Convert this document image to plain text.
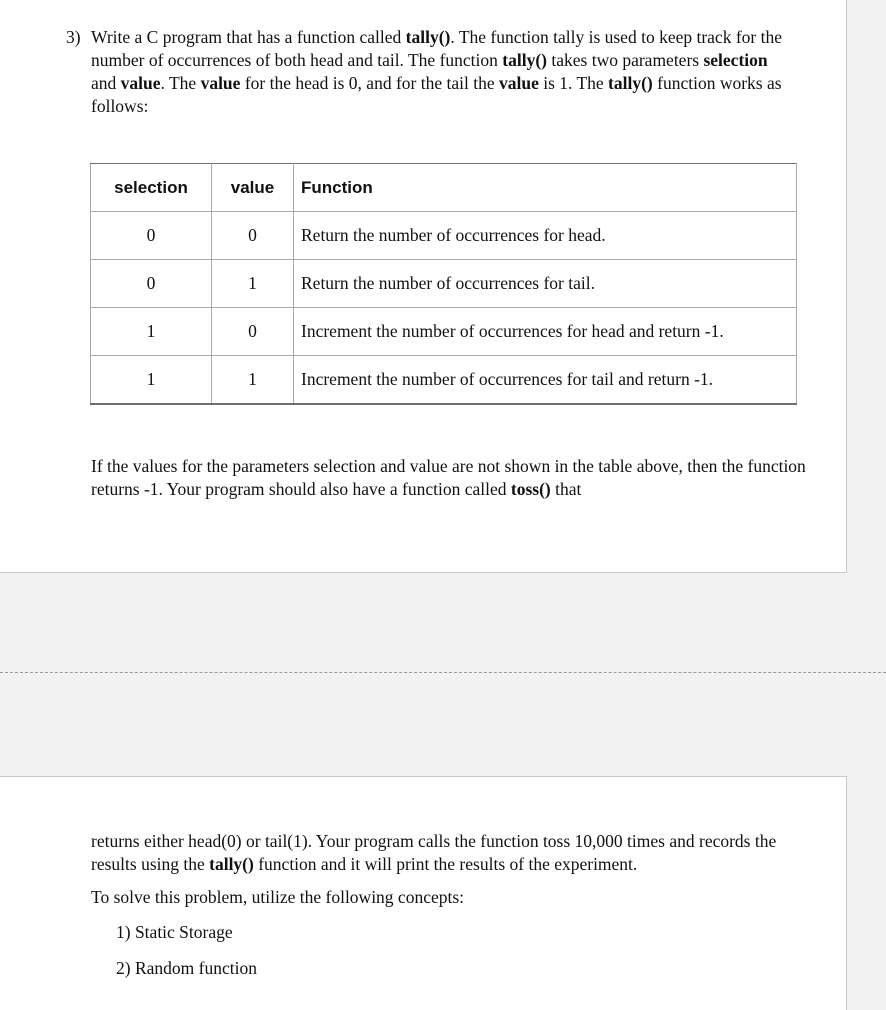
3) Write a C program that has a function called tally(). The function tally is used to keep track for the number of occurrences of both head and tail. The function tally() takes two parameters selection and value. The value for the head is 0, and for the tail the value is 1. The tally() function works as follows:
selection	value	Function
0	0	Return the number of occurrences for head.
0	1	Return the number of occurrences for tail.
1	0	Increment the number of occurrences for head and return -1.
1	1	Increment the number of occurrences for tail and return -1.
If the values for the parameters selection and value are not shown in the table above, then the function returns -1. Your program should also have a function called toss() that
returns either head(0) or tail(1). Your program calls the function toss 10,000 times and records the results using the tally() function and it will print the results of the experiment.
To solve this problem, utilize the following concepts:
1) Static Storage
2) Random function
